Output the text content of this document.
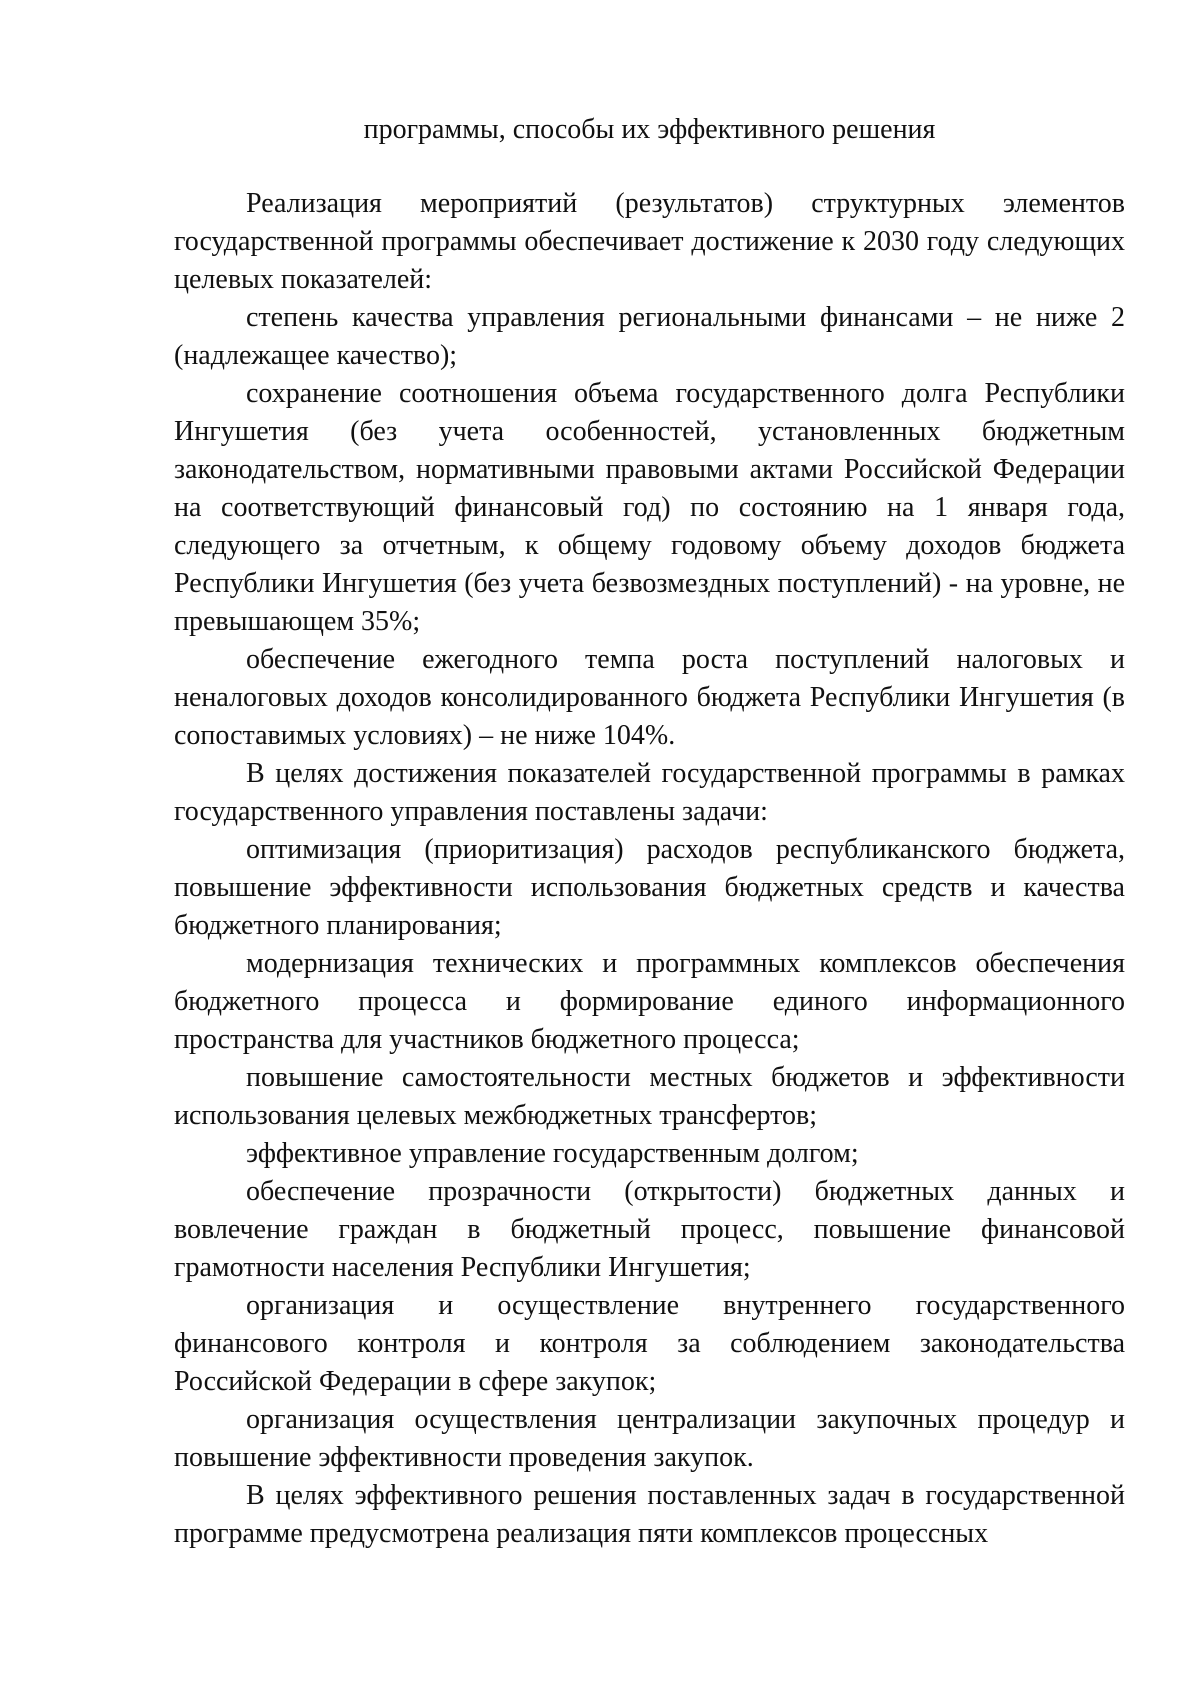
программы, способы их эффективного решения

Реализация мероприятий (результатов) структурных элементов государственной программы обеспечивает достижение к 2030 году следующих целевых показателей:

степень качества управления региональными финансами – не ниже 2 (надлежащее качество);

сохранение соотношения объема государственного долга Республики Ингушетия (без учета особенностей, установленных бюджетным законодательством, нормативными правовыми актами Российской Федерации на соответствующий финансовый год) по состоянию на 1 января года, следующего за отчетным, к общему годовому объему доходов бюджета Республики Ингушетия (без учета безвозмездных поступлений) - на уровне, не превышающем 35%;

обеспечение ежегодного темпа роста поступлений налоговых и неналоговых доходов консолидированного бюджета Республики Ингушетия (в сопоставимых условиях) – не ниже 104%.

В целях достижения показателей государственной программы в рамках государственного управления поставлены задачи:

оптимизация (приоритизация) расходов республиканского бюджета, повышение эффективности использования бюджетных средств и качества бюджетного планирования;

модернизация технических и программных комплексов обеспечения бюджетного процесса и формирование единого информационного пространства для участников бюджетного процесса;

повышение самостоятельности местных бюджетов и эффективности использования целевых межбюджетных трансфертов;

эффективное управление государственным долгом;

обеспечение прозрачности (открытости) бюджетных данных и вовлечение граждан в бюджетный процесс, повышение финансовой грамотности населения Республики Ингушетия;

организация и осуществление внутреннего государственного финансового контроля и контроля за соблюдением законодательства Российской Федерации в сфере закупок;

организация осуществления централизации закупочных процедур и повышение эффективности проведения закупок.

В целях эффективного решения поставленных задач в государственной программе предусмотрена реализация пяти комплексов процессных
